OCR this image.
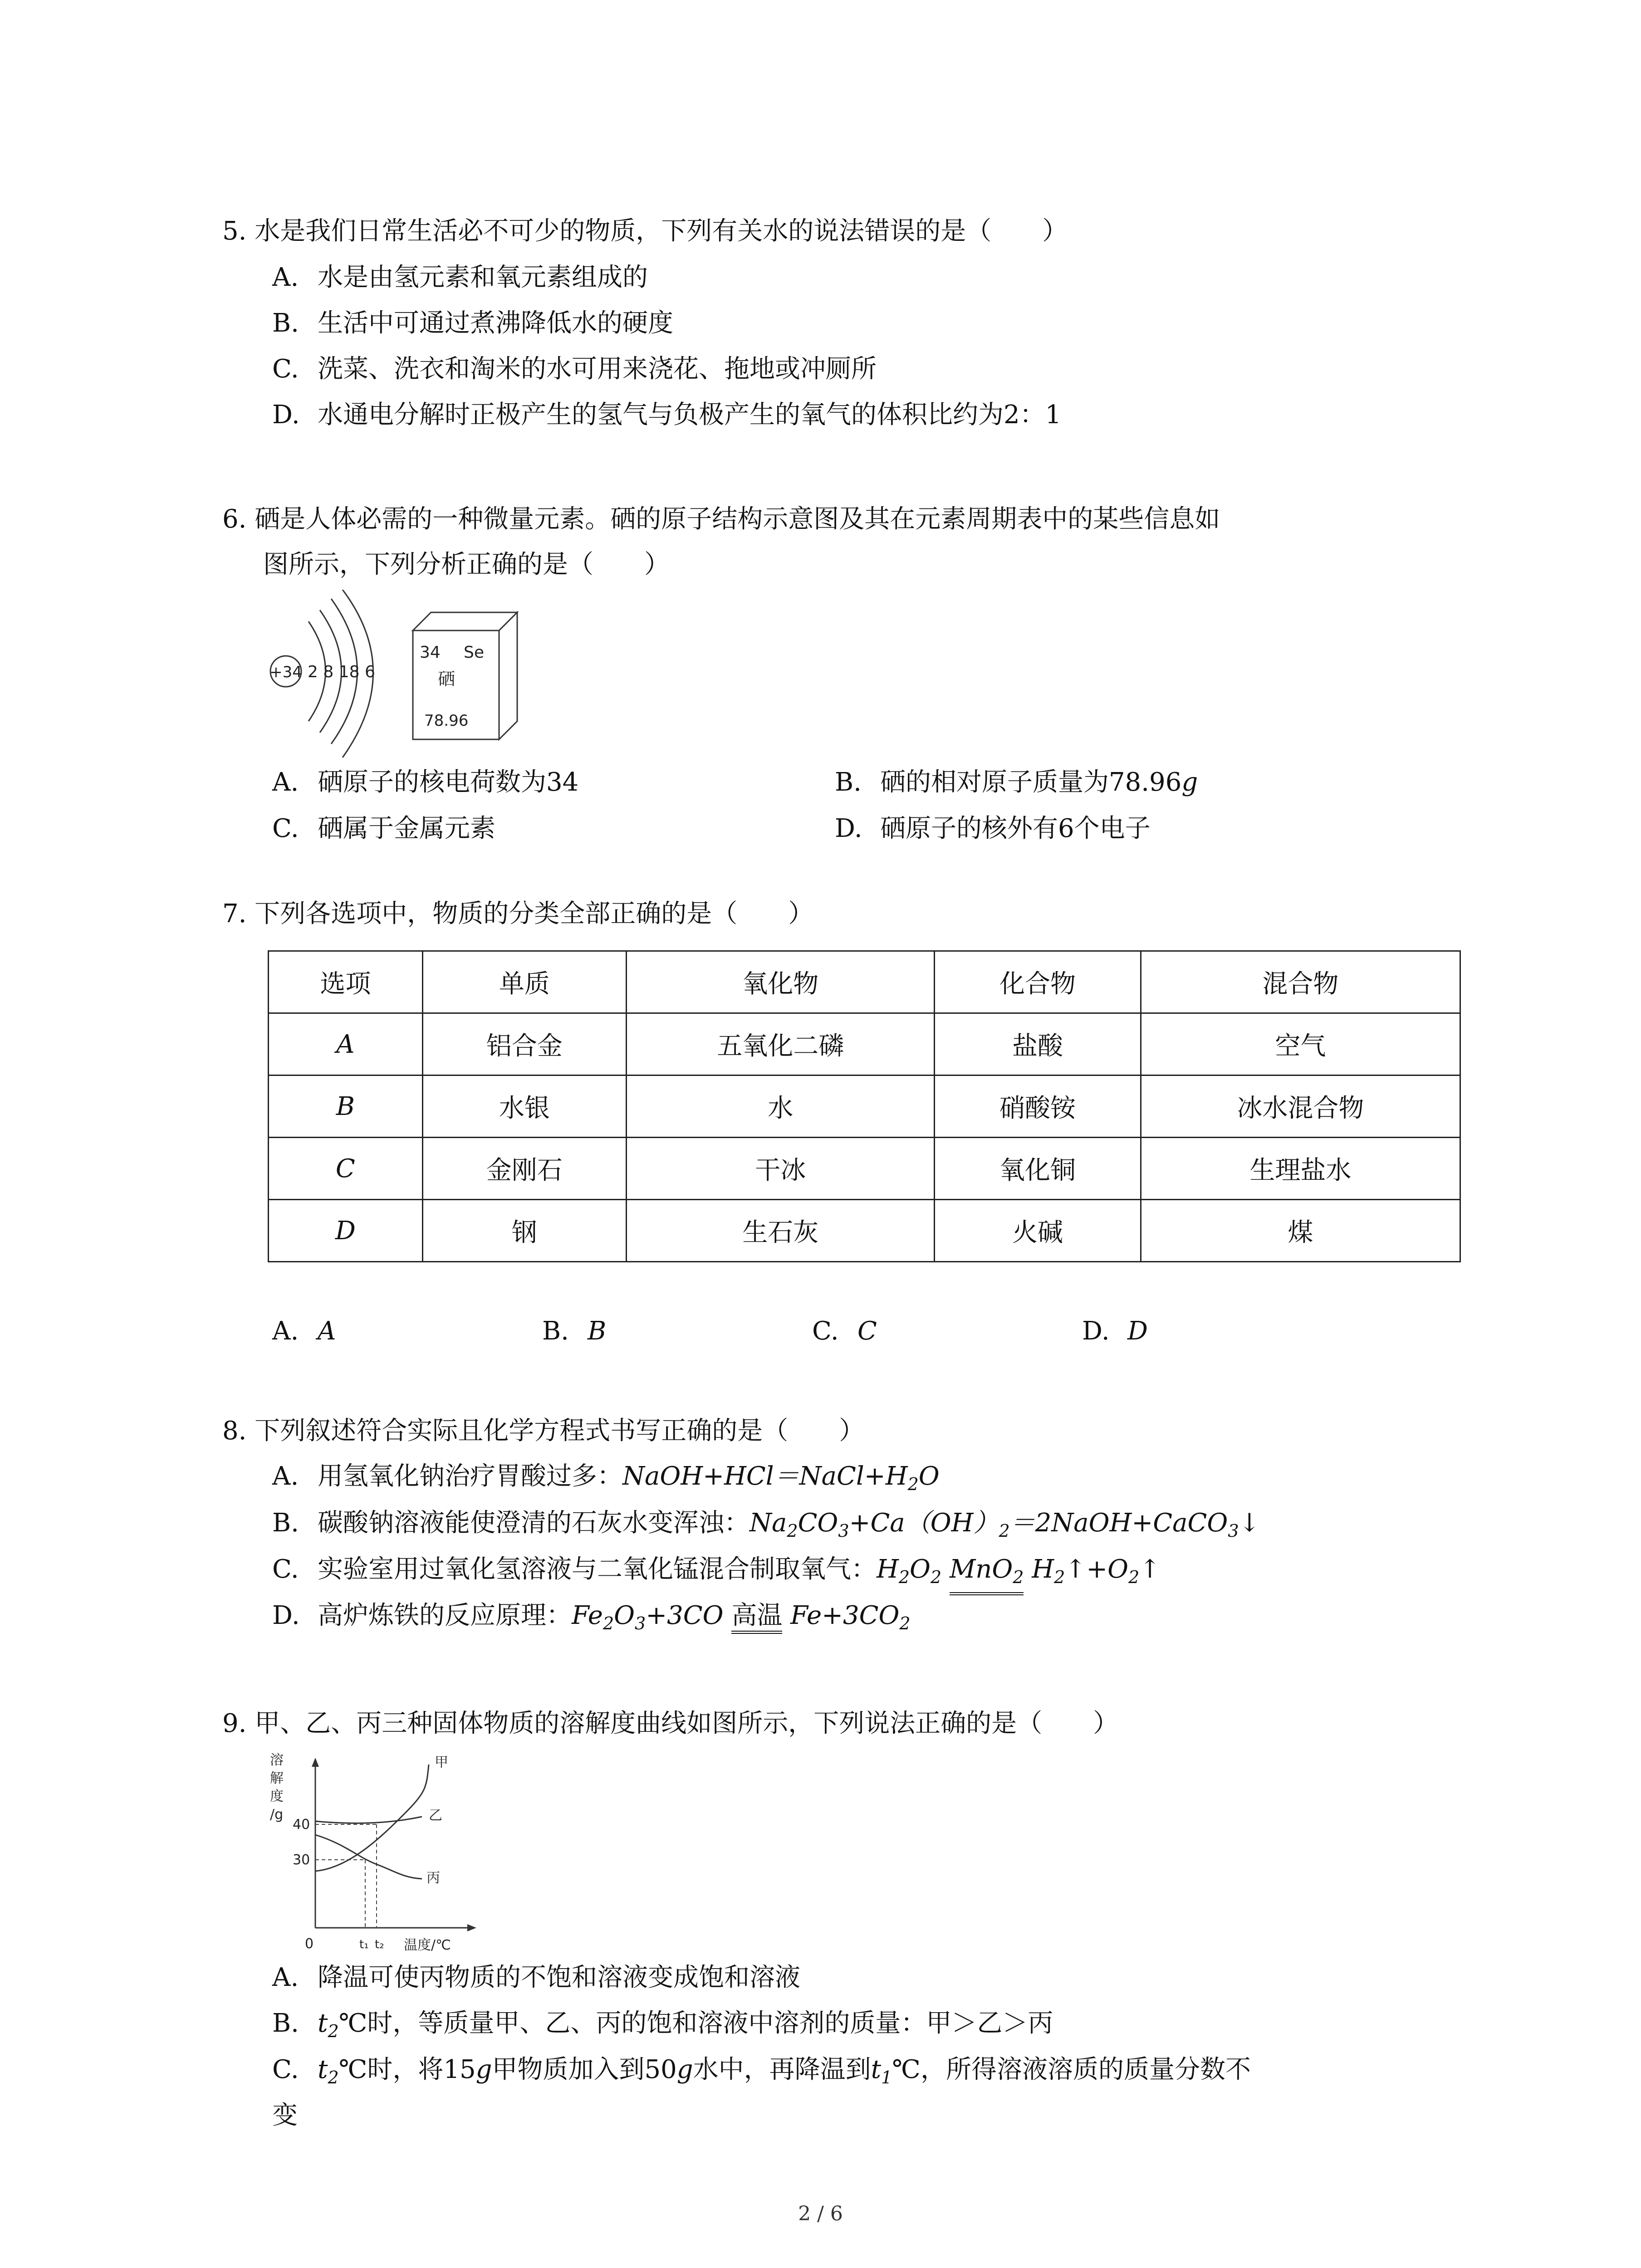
5. 水是我们日常生活必不可少的物质，下列有关水的说法错误的是（　　）
A. 水是由氢元素和氧元素组成的
B. 生活中可通过煮沸降低水的硬度
C. 洗菜、洗衣和淘米的水可用来浇花、拖地或冲厕所
D. 水通电分解时正极产生的氢气与负极产生的氧气的体积比约为2：1
6. 硒是人体必需的一种微量元素。硒的原子结构示意图及其在元素周期表中的某些信息如
图所示，下列分析正确的是（　　）
+34 2 8 18 6
34 Se
硒
78.96
A. 硒原子的核电荷数为34	B. 硒的相对原子质量为78.96g
C. 硒属于金属元素	D. 硒原子的核外有6个电子
7. 下列各选项中，物质的分类全部正确的是（　　）
选项	单质	氧化物	化合物	混合物
A	铝合金	五氧化二磷	盐酸	空气
B	水银	水	硝酸铵	冰水混合物
C	金刚石	干冰	氧化铜	生理盐水
D	钢	生石灰	火碱	煤
A. A	B. B	C. C	D. D
8. 下列叙述符合实际且化学方程式书写正确的是（　　）
A. 用氢氧化钠治疗胃酸过多：$NaOH+HCl=NaCl+H_2O$
B. 碳酸钠溶液能使澄清的石灰水变浑浊：$Na_2CO_3+Ca(OH)_2=2NaOH+CaCO_3↓$
C. 实验室用过氧化氢溶液与二氧化锰混合制取氧气：$H_2O_2$ MnO$_2$ $H_2↑+O_2↑$
D. 高炉炼铁的反应原理：$Fe_2O_3+3CO$ 高温 $Fe+3CO_2$
9. 甲、乙、丙三种固体物质的溶解度曲线如图所示，下列说法正确的是（　　）
溶
解
度
/g
40
30
甲
乙
丙
0	t₁ t₂ 温度/℃
A. 降温可使丙物质的不饱和溶液变成饱和溶液
B. $t_2℃$时，等质量甲、乙、丙的饱和溶液中溶剂的质量：甲＞乙＞丙
C. $t_2℃$时，将15g甲物质加入到50g水中，再降温到$t_1℃$，所得溶液溶质的质量分数不
变
2 / 6
